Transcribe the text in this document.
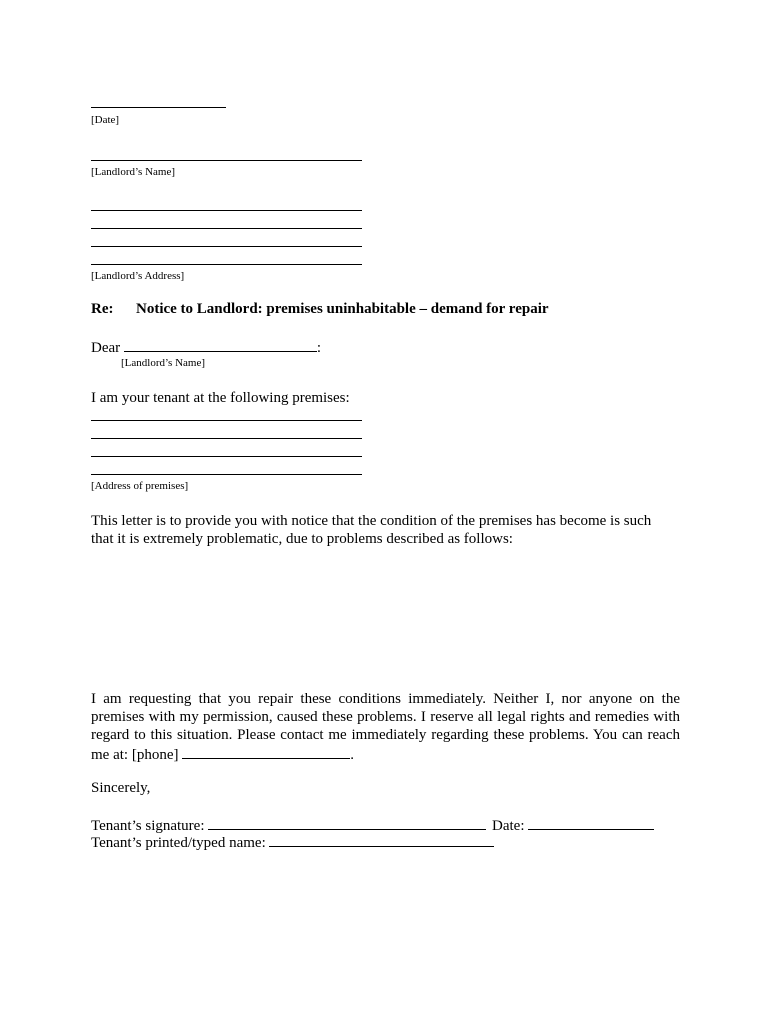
[Date]
[Landlord’s Name]
[Landlord’s Address]
Re: Notice to Landlord: premises uninhabitable – demand for repair
Dear	:
[Landlord’s Name]
I am your tenant at the following premises:
[Address of premises]
This letter is to provide you with notice that the condition of the premises has become is such that it is extremely problematic, due to problems described as follows:
I am requesting that you repair these conditions immediately. Neither I, nor anyone on the premises with my permission, caused these problems. I reserve all legal rights and remedies with regard to this situation. Please contact me immediately regarding these problems. You can reach me at: [phone]	.
Sincerely,
Tenant’s signature:	Date:
Tenant’s printed/typed name:
